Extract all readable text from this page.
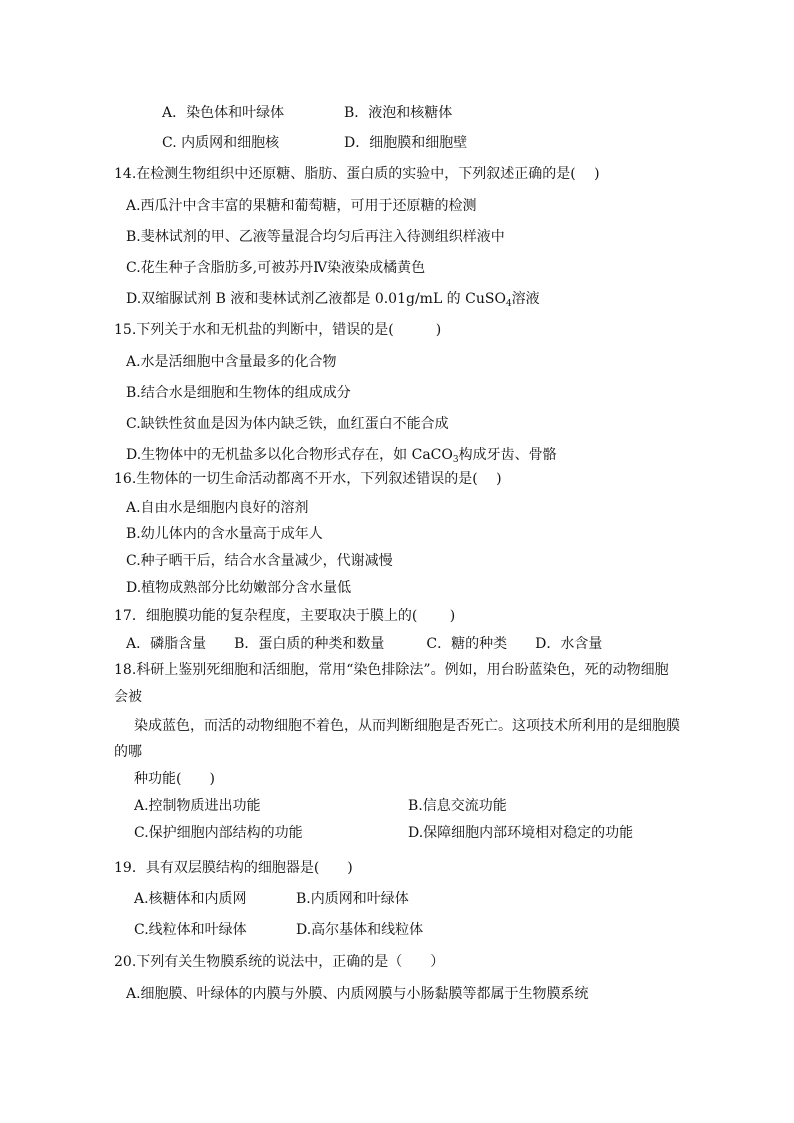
A．染色体和叶绿体	B．液泡和核糖体
C. 内质网和细胞核	D．细胞膜和细胞壁
14.在检测生物组织中还原糖、脂肪、蛋白质的实验中，下列叙述正确的是(　 )
A.西瓜汁中含丰富的果糖和葡萄糖，可用于还原糖的检测
B.斐林试剂的甲、乙液等量混合均匀后再注入待测组织样液中
C.花生种子含脂肪多,可被苏丹Ⅳ染液染成橘黄色
D.双缩脲试剂 B 液和斐林试剂乙液都是 0.01g/mL 的 CuSO$_4$溶液
15.下列关于水和无机盐的判断中，错误的是(　　　)
A.水是活细胞中含量最多的化合物
B.结合水是细胞和生物体的组成成分
C.缺铁性贫血是因为体内缺乏铁，血红蛋白不能合成
D.生物体中的无机盐多以化合物形式存在，如 CaCO$_3$构成牙齿、骨骼
16.生物体的一切生命活动都离不开水，下列叙述错误的是(　 )
A.自由水是细胞内良好的溶剂
B.幼儿体内的含水量高于成年人
C.种子晒干后，结合水含量减少，代谢减慢
D.植物成熟部分比幼嫩部分含水量低
17．细胞膜功能的复杂程度，主要取决于膜上的(　　 )
A．磷脂含量　　B．蛋白质的种类和数量　　　C．糖的种类　　D．水含量
18.科研上鉴别死细胞和活细胞，常用“染色排除法”。例如，用台盼蓝染色，死的动物细胞
会被
染成蓝色，而活的动物细胞不着色，从而判断细胞是否死亡。这项技术所利用的是细胞膜
的哪
种功能(　　)
A.控制物质进出功能	B.信息交流功能
C.保护细胞内部结构的功能	D.保障细胞内部环境相对稳定的功能
19．具有双层膜结构的细胞器是(　　)
A.核糖体和内质网	B.内质网和叶绿体
C.线粒体和叶绿体	D.高尔基体和线粒体
20.下列有关生物膜系统的说法中，正确的是（　　）
A.细胞膜、叶绿体的内膜与外膜、内质网膜与小肠黏膜等都属于生物膜系统
